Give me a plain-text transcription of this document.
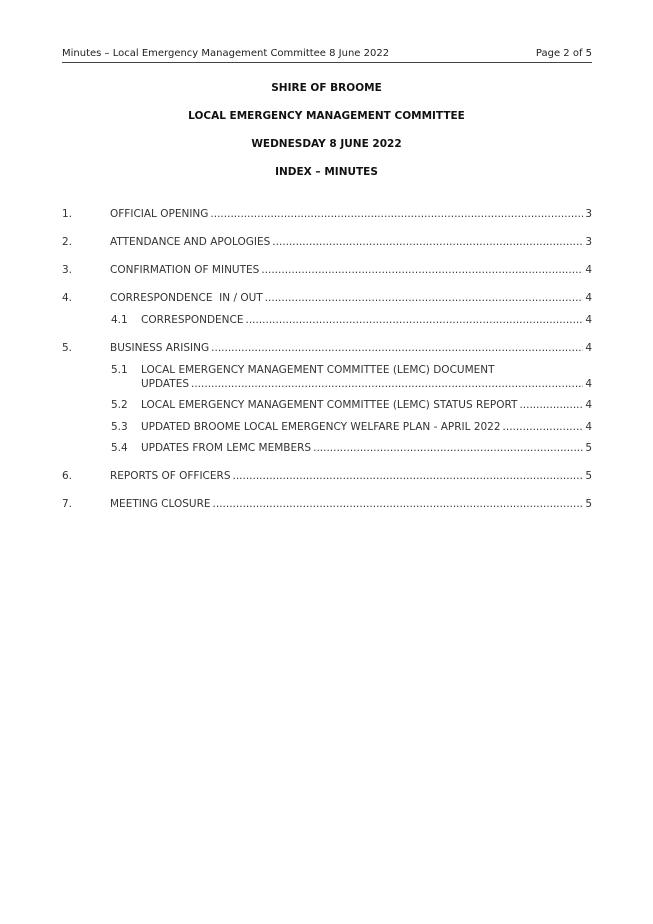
Minutes – Local Emergency Management Committee 8 June 2022	Page 2 of 5
SHIRE OF BROOME
LOCAL EMERGENCY MANAGEMENT COMMITTEE
WEDNESDAY 8 JUNE 2022
INDEX – MINUTES
1.	OFFICIAL OPENING .....	3
2.	ATTENDANCE AND APOLOGIES .....	3
3.	CONFIRMATION OF MINUTES .....	4
4.	CORRESPONDENCE  IN / OUT .....	4
4.1 CORRESPONDENCE .....	4
5.	BUSINESS ARISING .....	4
5.1 LOCAL EMERGENCY MANAGEMENT COMMITTEE (LEMC) DOCUMENT
UPDATES .....	4
5.2 LOCAL EMERGENCY MANAGEMENT COMMITTEE (LEMC) STATUS REPORT .....	4
5.3 UPDATED BROOME LOCAL EMERGENCY WELFARE PLAN - APRIL 2022 .....	4
5.4 UPDATES FROM LEMC MEMBERS .....	5
6.	REPORTS OF OFFICERS .....	5
7.	MEETING CLOSURE .....	5
